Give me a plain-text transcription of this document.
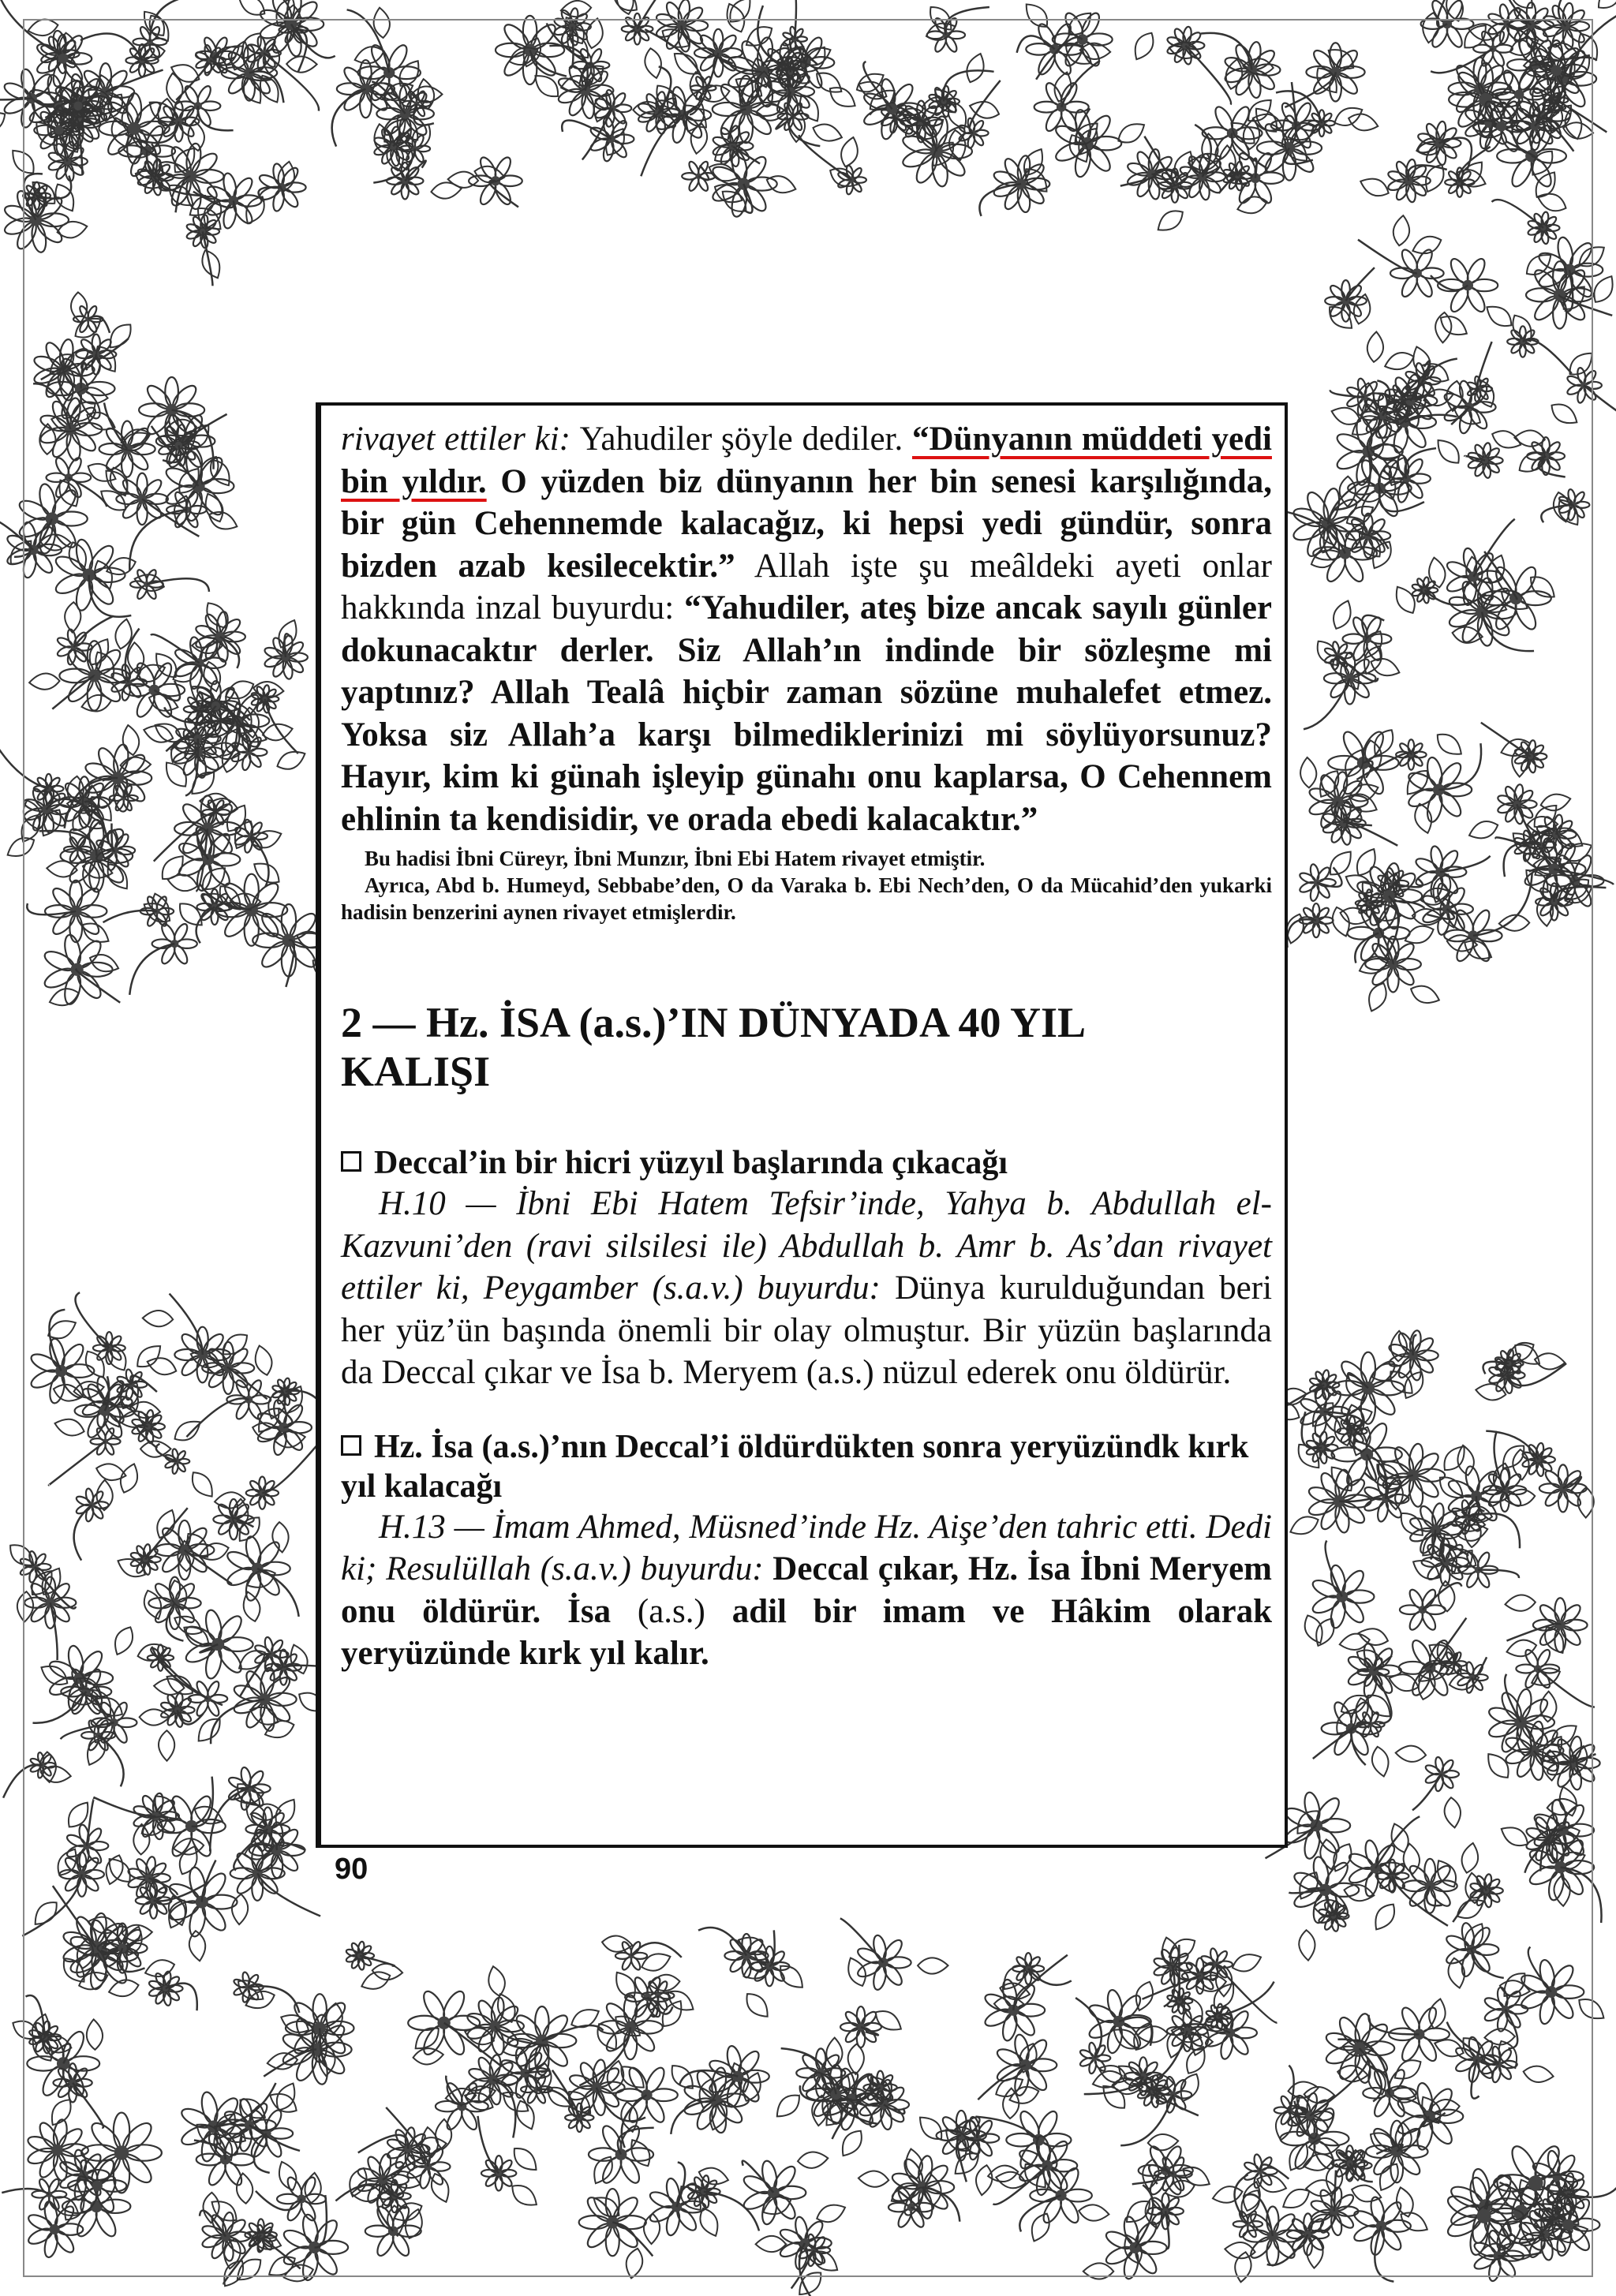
rivayet ettiler ki: Yahudiler şöyle dediler. “Dünyanın müddeti yedi bin yıldır. O yüzden biz dünyanın her bin senesi karşılığında, bir gün Cehennemde kalacağız, ki hepsi yedi gündür, sonra bizden azab kesilecektir.” Allah işte şu meâldeki ayeti onlar hakkında inzal buyurdu: “Yahudiler, ateş bize ancak sayılı günler dokunacaktır derler. Siz Allah’ın indinde bir sözleşme mi yaptınız? Allah Tealâ hiçbir zaman sözüne muhalefet etmez. Yoksa siz Allah’a karşı bilmediklerinizi mi söylüyorsunuz? Hayır, kim ki günah işleyip günahı onu kaplarsa, O Cehennem ehlinin ta kendisidir, ve orada ebedi kalacaktır.”

Bu hadisi İbni Cüreyr, İbni Munzır, İbni Ebi Hatem rivayet etmiştir.
Ayrıca, Abd b. Humeyd, Sebbabe’den, O da Varaka b. Ebi Nech’den, O da Mücahid’den yukarki hadisin benzerini aynen rivayet etmişlerdir.

2 — Hz. İSA (a.s.)’IN DÜNYADA 40 YIL KALIŞI

Deccal’in bir hicri yüzyıl başlarında çıkacağı

H.10 — İbni Ebi Hatem Tefsir’inde, Yahya b. Abdullah el-Kazvuni’den (ravi silsilesi ile) Abdullah b. Amr b. As’dan rivayet ettiler ki, Peygamber (s.a.v.) buyurdu: Dünya kurulduğundan beri her yüz’ün başında önemli bir olay olmuştur. Bir yüzün başlarında da Deccal çıkar ve İsa b. Meryem (a.s.) nüzul ederek onu öldürür.

Hz. İsa (a.s.)’nın Deccal’i öldürdükten sonra yeryüzündk kırk yıl kalacağı

H.13 — İmam Ahmed, Müsned’inde Hz. Aişe’den tahric etti. Dedi ki; Resulüllah (s.a.v.) buyurdu: Deccal çıkar, Hz. İsa İbni Meryem onu öldürür. İsa (a.s.) adil bir imam ve Hâkim olarak yeryüzünde kırk yıl kalır.

90
